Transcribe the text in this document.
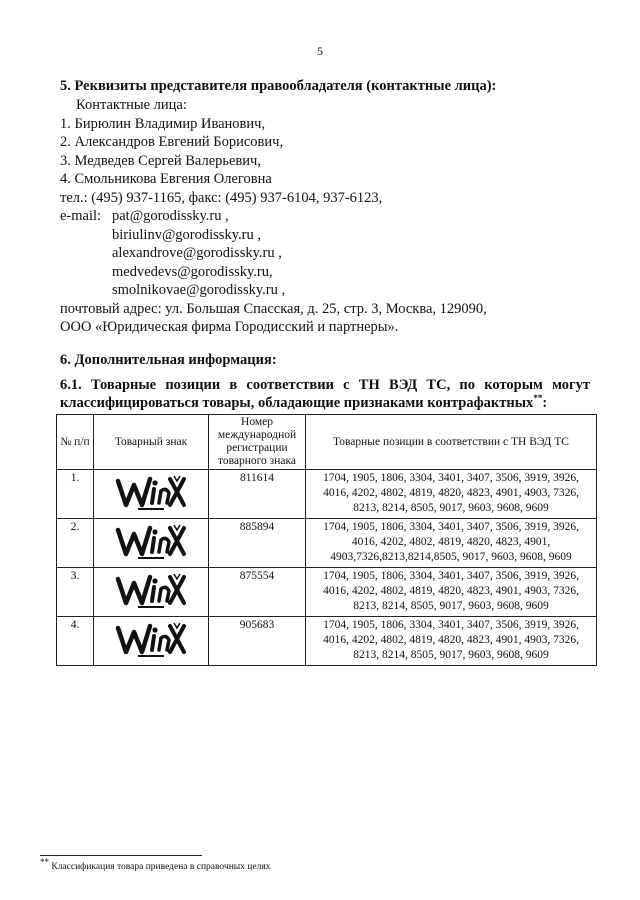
5
5. Реквизиты представителя правообладателя (контактные лица):
Контактные лица:
1. Бирюлин Владимир Иванович,
2. Александров Евгений Борисович,
3. Медведев Сергей Валерьевич,
4. Смольникова Евгения Олеговна
тел.: (495) 937-1165, факс: (495) 937-6104, 937-6123,
e-mail: pat@gorodissky.ru ,
biriulinv@gorodissky.ru ,
alexandrove@gorodissky.ru ,
medvedevs@gorodissky.ru,
smolnikovae@gorodissky.ru ,
почтовый адрес: ул. Большая Спасская, д. 25, стр. 3, Москва, 129090,
ООО «Юридическая фирма Городисский и партнеры».
6. Дополнительная информация:
6.1. Товарные позиции в соответствии с ТН ВЭД ТС, по которым могут классифицироваться товары, обладающие признаками контрафактных**:
№ п/п	Товарный знак	Номер международной регистрации товарного знака	Товарные позиции в соответствии с ТН ВЭД ТС
1.		811614	1704, 1905, 1806, 3304, 3401, 3407, 3506, 3919, 3926, 4016, 4202, 4802, 4819, 4820, 4823, 4901, 4903, 7326, 8213, 8214, 8505, 9017, 9603, 9608, 9609
2.		885894	1704, 1905, 1806, 3304, 3401, 3407, 3506, 3919, 3926, 4016, 4202, 4802, 4819, 4820, 4823, 4901, 4903,7326,8213,8214,8505, 9017, 9603, 9608, 9609
3.		875554	1704, 1905, 1806, 3304, 3401, 3407, 3506, 3919, 3926, 4016, 4202, 4802, 4819, 4820, 4823, 4901, 4903, 7326, 8213, 8214, 8505, 9017, 9603, 9608, 9609
4.		905683	1704, 1905, 1806, 3304, 3401, 3407, 3506, 3919, 3926, 4016, 4202, 4802, 4819, 4820, 4823, 4901, 4903, 7326, 8213, 8214, 8505, 9017, 9603, 9608, 9609
** Классификация товара приведена в справочных целях
